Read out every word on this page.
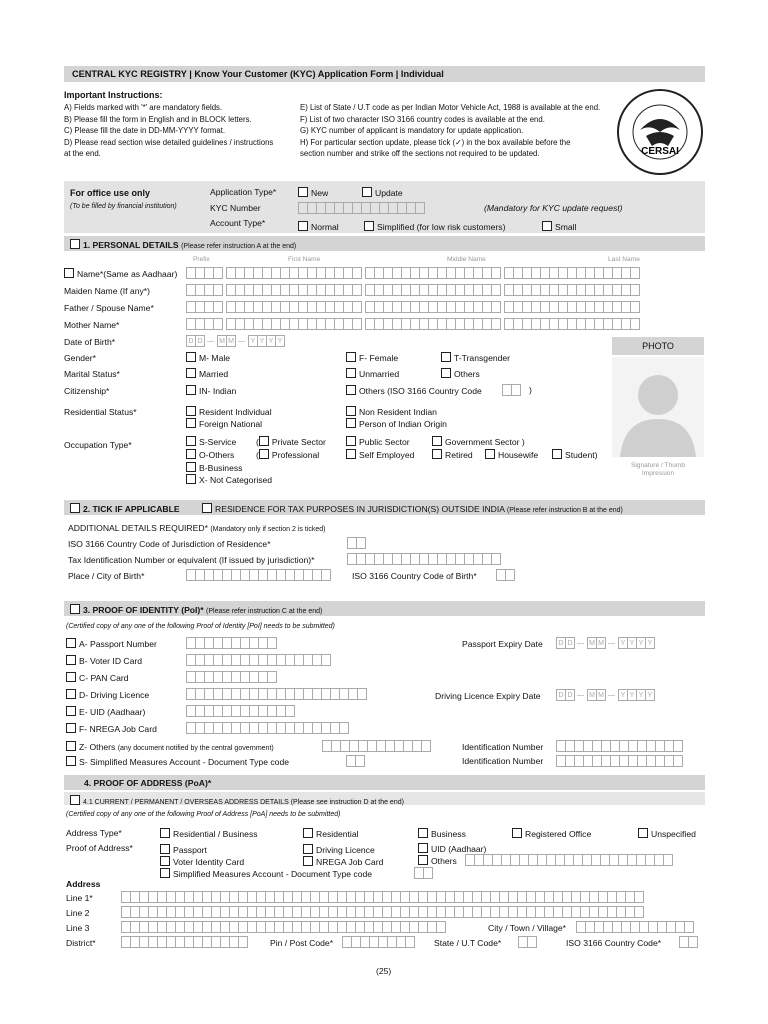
CENTRAL KYC REGISTRY | Know Your Customer (KYC) Application Form | Individual
Important Instructions:
A) Fields marked with '*' are mandatory fields.
B) Please fill the form in English and in BLOCK letters.
C) Please fill the date in DD-MM-YYYY format.
D) Please read section wise detailed guidelines / instructions
at the end.
E) List of State / U.T code as per Indian Motor Vehicle Act, 1988 is available at the end.
F) List of two character ISO 3166 country codes is available at the end.
G) KYC number of applicant is mandatory for update application.
H) For particular section update, please tick (✓) in the box available before the
section number and strike off the sections not required to be updated.	CERSAI
For office use only
(To be filled by financial institution)
Application Type*	New	Update
KYC Number	(Mandatory for KYC update request)
Account Type*	Normal	Simplified (for low risk customers)	Small
1. PERSONAL DETAILS (Please refer instruction A at the end)
Prefix	First Name	Middle Name	Last Name
Name*(Same as Aadhaar)
Maiden Name (If any*)
Father / Spouse Name*
Mother Name*
Date of Birth*	D D — M M — Y Y Y Y
Gender*	M- Male	F- Female	T-Transgender
Marital Status*	Married	Unmarried	Others
Citizenship*	IN- Indian	Others (ISO 3166 Country Code	)
Residential Status*	Resident Individual	Non Resident Indian
Foreign National	Person of Indian Origin
Occupation Type*	S-Service ( Private Sector	Public Sector	Government Sector )
O-Others	( Professional	Self Employed	Retired	Housewife	Student)
B-Business
X- Not Categorised
PHOTO
Signature / Thumb
Impression
2. TICK IF APPLICABLE	RESIDENCE FOR TAX PURPOSES IN JURISDICTION(S) OUTSIDE INDIA (Please refer instruction B at the end)
ADDITIONAL DETAILS REQUIRED* (Mandatory only if section 2 is ticked)
ISO 3166 Country Code of Jurisdiction of Residence*
Tax Identification Number or equivalent (If issued by jurisdiction)*
Place / City of Birth*	ISO 3166 Country Code of Birth*
3. PROOF OF IDENTITY (PoI)* (Please refer instruction C at the end)
(Certified copy of any one of the following Proof of Identity [PoI] needs to be submitted)
A- Passport Number	Passport Expiry Date	D D — M M — Y Y Y Y
B- Voter ID Card
C- PAN Card
D- Driving Licence	Driving Licence Expiry Date	D D — M M — Y Y Y Y
E- UID (Aadhaar)
F- NREGA Job Card
Z- Others (any document notified by the central government)	Identification Number
S- Simplified Measures Account - Document Type code	Identification Number
4. PROOF OF ADDRESS (PoA)*
4.1 CURRENT / PERMANENT / OVERSEAS ADDRESS DETAILS (Please see instruction D at the end)
(Certified copy of any one of the following Proof of Address [PoA] needs to be submitted)
Address Type*	Residential / Business	Residential	Business	Registered Office	Unspecified
Proof of Address*	Passport	Driving Licence	UID (Aadhaar)
Voter Identity Card	NREGA Job Card	Others
Simplified Measures Account - Document Type code
Address
Line 1*
Line 2
Line 3	City / Town / Village*
District*	Pin / Post Code*	State / U.T Code*	ISO 3166 Country Code*
(25)
